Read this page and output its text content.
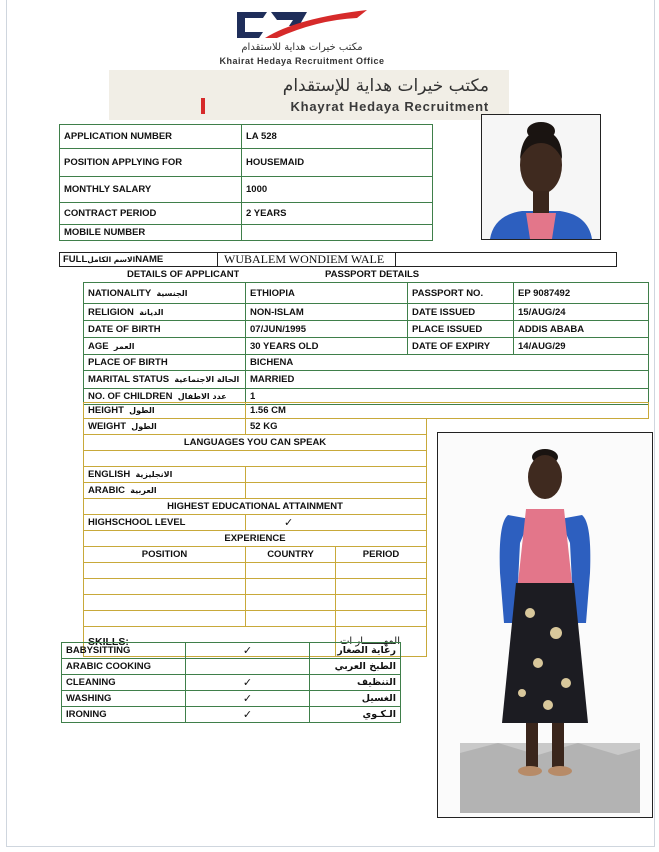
مكتب خيرات هداية للاستقدام
Khairat Hedaya Recruitment Office
مكتب خيرات هداية للإستقدام
Khayrat Hedaya Recruitment
APPLICATION NUMBER	LA 528
POSITION APPLYING FOR	HOUSEMAID
MONTHLY SALARY	1000
CONTRACT PERIOD	2 YEARS
MOBILE NUMBER	
FULLالاسم الكاملNAME	WUBALEM WONDIEM WALE
DETAILS OF APPLICANT	PASSPORT DETAILS
NATIONALITY الجنسية	ETHIOPIA	PASSPORT NO.	EP 9087492
RELIGION الديانة	NON-ISLAM	DATE ISSUED	15/AUG/24
DATE OF BIRTH	07/JUN/1995	PLACE ISSUED	ADDIS ABABA
AGE العمر	30 YEARS OLD	DATE OF EXPIRY	14/AUG/29
PLACE OF BIRTH	BICHENA		
MARITAL STATUS الحالة الاجتماعية	MARRIED		
NO. OF CHILDREN عدد الاطفال	1		
HEIGHT الطول	1.56 CM
WEIGHT الطول	52 KG	
LANGUAGES YOU CAN SPEAK		

ENGLISH الانجليزية		
ARABIC العربية		
HIGHEST EDUCATIONAL ATTAINMENT		
HIGHSCHOOL LEVEL	✓	
EXPERIENCE		
POSITION	COUNTRY	PERIOD

SKILLS:		المهـــــــار ات
BABYSITTING	✓	رعاية الصغار
ARABIC COOKING		الطبخ العربي
CLEANING	✓	التنظيف
WASHING	✓	الغسيل
IRONING	✓	الـكـوي
